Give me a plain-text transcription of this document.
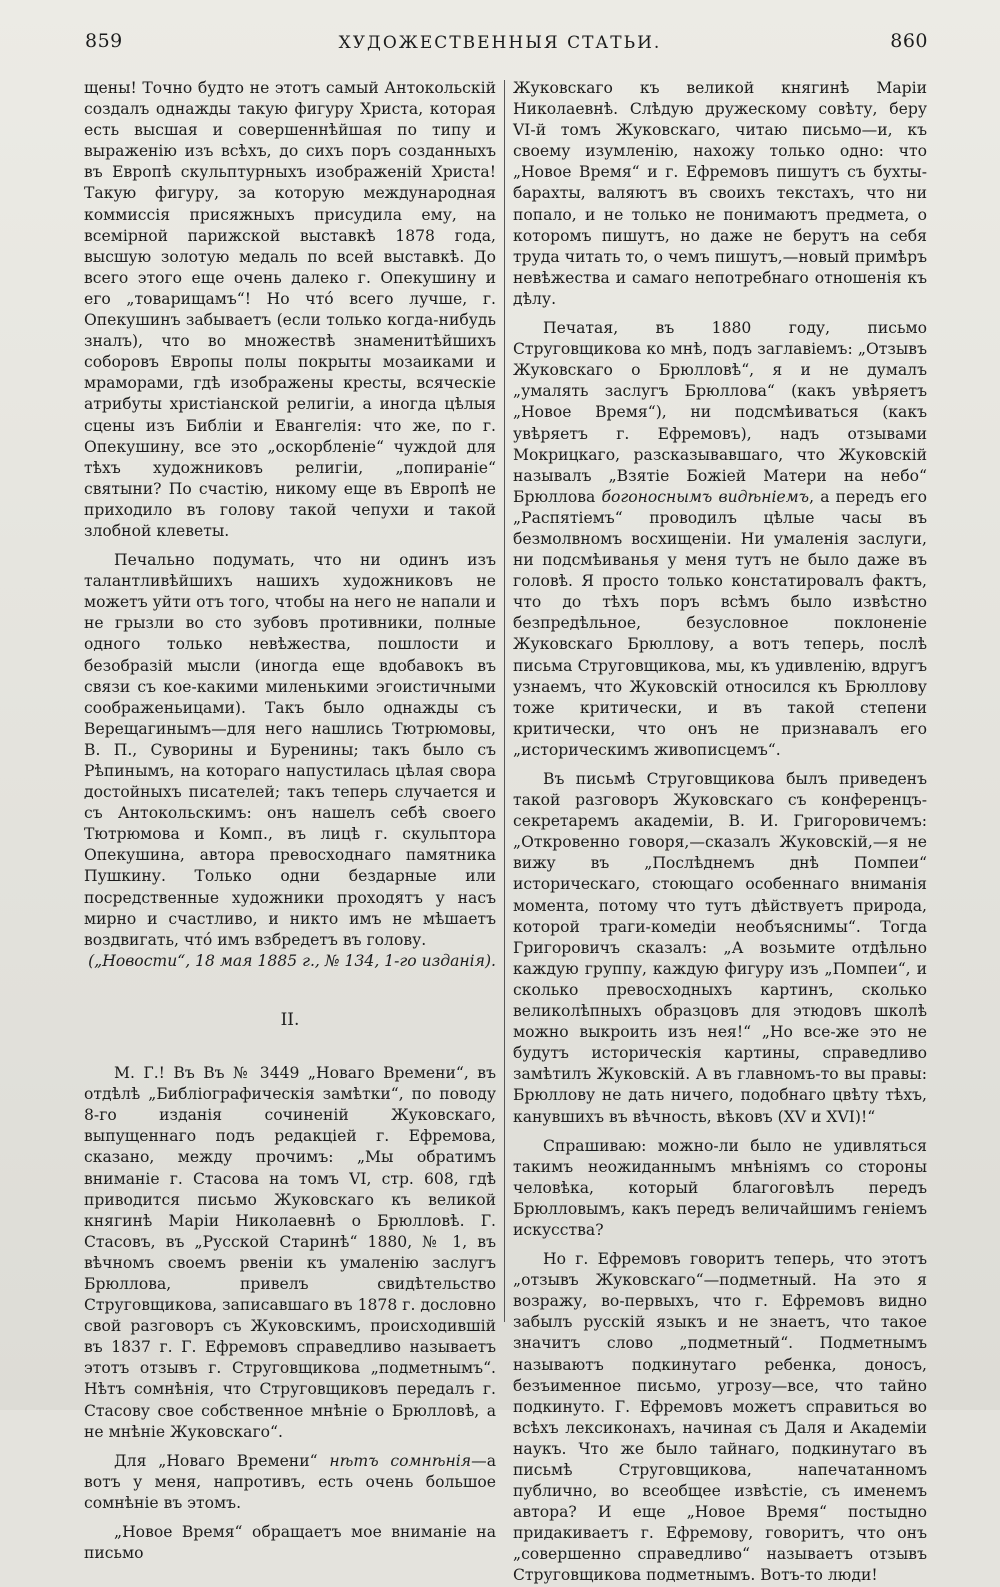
859	ХУДОЖЕСТВЕННЫЯ СТАТЬИ.	860

щены! Точно будто не этотъ самый Антокольскій создалъ однажды такую фигуру Христа, которая есть высшая и совершеннѣйшая по типу и выраженію изъ всѣхъ, до сихъ поръ созданныхъ въ Европѣ скульптурныхъ изображеній Христа! Такую фигуру, за которую международная коммиссія присяжныхъ присудила ему, на всемірной парижской выставкѣ 1878 года, высшую золотую медаль по всей выставкѣ. До всего этого еще очень далеко г. Опекушину и его „товарищамъ“! Но что́ всего лучше, г. Опекушинъ забываетъ (если только когда-нибудь зналъ), что во множествѣ знаменитѣйшихъ соборовъ Европы полы покрыты мозаиками и мраморами, гдѣ изображены кресты, всяческіе атрибуты христіанской религіи, а иногда цѣлыя сцены изъ Библіи и Евангелія: что же, по г. Опекушину, все это „оскорбленіе“ чуждой для тѣхъ художниковъ религіи, „попираніе“ святыни? По счастію, никому еще въ Европѣ не приходило въ голову такой чепухи и такой злобной клеветы.

Печально подумать, что ни одинъ изъ талантливѣйшихъ нашихъ художниковъ не можетъ уйти отъ того, чтобы на него не напали и не грызли во сто зубовъ противники, полные одного только невѣжества, пошлости и безобразій мысли (иногда еще вдобавокъ въ связи съ кое-какими миленькими эгоистичными соображеньицами). Такъ было однажды съ Верещагинымъ—для него нашлись Тютрюмовы, В. П., Суворины и Буренины; такъ было съ Рѣпинымъ, на котораго напустилась цѣлая свора достойныхъ писателей; такъ теперь случается и съ Антокольскимъ: онъ нашелъ себѣ своего Тютрюмова и Комп., въ лицѣ г. скульптора Опекушина, автора превосходнаго памятника Пушкину. Только одни бездарные или посредственные художники проходятъ у насъ мирно и счастливо, и никто имъ не мѣшаетъ воздвигать, что́ имъ взбредетъ въ голову.

(„Новости“, 18 мая 1885 г., № 134, 1-го изданія).

II.

М. Г.! Въ Въ № 3449 „Новаго Времени“, въ отдѣлѣ „Библіографическія замѣтки“, по поводу 8-го изданія сочиненій Жуковскаго, выпущеннаго подъ редакціей г. Ефремова, сказано, между прочимъ: „Мы обратимъ вниманіе г. Стасова на томъ VI, стр. 608, гдѣ приводится письмо Жуковскаго къ великой княгинѣ Маріи Николаевнѣ о Брюлловѣ. Г. Стасовъ, въ „Русской Старинѣ“ 1880, № 1, въ вѣчномъ своемъ рвеніи къ умаленію заслугъ Брюллова, привелъ свидѣтельство Струговщикова, записавшаго въ 1878 г. дословно свой разговоръ съ Жуковскимъ, происходившій въ 1837 г. Г. Ефремовъ справедливо называетъ этотъ отзывъ г. Струговщикова „подметнымъ“. Нѣтъ сомнѣнія, что Струговщиковъ передалъ г. Стасову свое собственное мнѣніе о Брюлловѣ, а не мнѣніе Жуковскаго“.

Для „Новаго Времени“ нѣтъ сомнѣнія—а вотъ у меня, напротивъ, есть очень большое сомнѣніе въ этомъ.

„Новое Время“ обращаетъ мое вниманіе на письмо

Жуковскаго къ великой княгинѣ Маріи Николаевнѣ. Слѣдую дружескому совѣту, беру VI-й томъ Жуковскаго, читаю письмо—и, къ своему изумленію, нахожу только одно: что „Новое Время“ и г. Ефремовъ пишутъ съ бухты-барахты, валяютъ въ своихъ текстахъ, что ни попало, и не только не понимаютъ предмета, о которомъ пишутъ, но даже не берутъ на себя труда читать то, о чемъ пишутъ,—новый примѣръ невѣжества и самаго непотребнаго отношенія къ дѣлу.

Печатая, въ 1880 году, письмо Струговщикова ко мнѣ, подъ заглавіемъ: „Отзывъ Жуковскаго о Брюлловѣ“, я и не думалъ „умалять заслугъ Брюллова“ (какъ увѣряетъ „Новое Время“), ни подсмѣиваться (какъ увѣряетъ г. Ефремовъ), надъ отзывами Мокрицкаго, разсказывавшаго, что Жуковскій называлъ „Взятіе Божіей Матери на небо“ Брюллова богоноснымъ видѣніемъ, а передъ его „Распятіемъ“ проводилъ цѣлые часы въ безмолвномъ восхищеніи. Ни умаленія заслуги, ни подсмѣиванья у меня тутъ не было даже въ головѣ. Я просто только констатировалъ фактъ, что до тѣхъ поръ всѣмъ было извѣстно безпредѣльное, безусловное поклоненіе Жуковскаго Брюллову, а вотъ теперь, послѣ письма Струговщикова, мы, къ удивленію, вдругъ узнаемъ, что Жуковскій относился къ Брюллову тоже критически, и въ такой степени критически, что онъ не признавалъ его „историческимъ живописцемъ“.

Въ письмѣ Струговщикова былъ приведенъ такой разговоръ Жуковскаго съ конференцъ-секретаремъ академіи, В. И. Григоровичемъ: „Откровенно говоря,—сказалъ Жуковскій,—я не вижу въ „Послѣднемъ днѣ Помпеи“ историческаго, стоющаго особеннаго вниманія момента, потому что тутъ дѣйствуетъ природа, которой траги-комедіи необъяснимы“. Тогда Григоровичъ сказалъ: „А возьмите отдѣльно каждую группу, каждую фигуру изъ „Помпеи“, и сколько превосходныхъ картинъ, сколько великолѣпныхъ образцовъ для этюдовъ школѣ можно выкроить изъ нея!“ „Но все-же это не будутъ историческія картины, справедливо замѣтилъ Жуковскій. А въ главномъ-то вы правы: Брюллову не дать ничего, подобнаго цвѣту тѣхъ, канувшихъ въ вѣчность, вѣковъ (XV и XVI)!“

Спрашиваю: можно-ли было не удивляться такимъ неожиданнымъ мнѣніямъ со стороны человѣка, который благоговѣлъ передъ Брюлловымъ, какъ передъ величайшимъ геніемъ искусства?

Но г. Ефремовъ говоритъ теперь, что этотъ „отзывъ Жуковскаго“—подметный. На это я возражу, во-первыхъ, что г. Ефремовъ видно забылъ русскій языкъ и не знаетъ, что такое значитъ слово „подметный“. Подметнымъ называютъ подкинутаго ребенка, доносъ, безъименное письмо, угрозу—все, что тайно подкинуто. Г. Ефремовъ можетъ справиться во всѣхъ лексиконахъ, начиная съ Даля и Академіи наукъ. Что же было тайнаго, подкинутаго въ письмѣ Струговщикова, напечатанномъ публично, во всеобщее извѣстіе, съ именемъ автора? И еще „Новое Время“ постыдно придакиваетъ г. Ефремову, говоритъ, что онъ „совершенно справедливо“ называетъ отзывъ Струговщикова подметнымъ. Вотъ-то люди!
